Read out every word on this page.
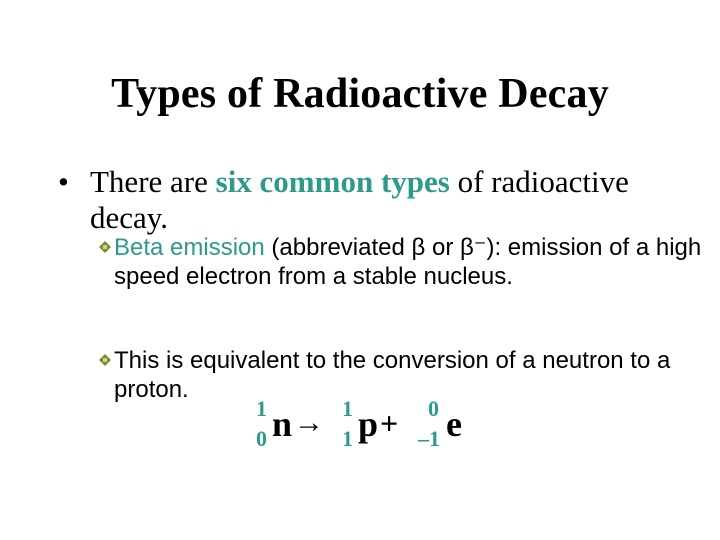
Types of Radioactive Decay
• There are six common types of radioactive decay.
Beta emission (abbreviated β or β⁻): emission of a high speed electron from a stable nucleus.
This is equivalent to the conversion of a neutron to a proton.
1
0 n → 1
1 p + 0
–1 e
